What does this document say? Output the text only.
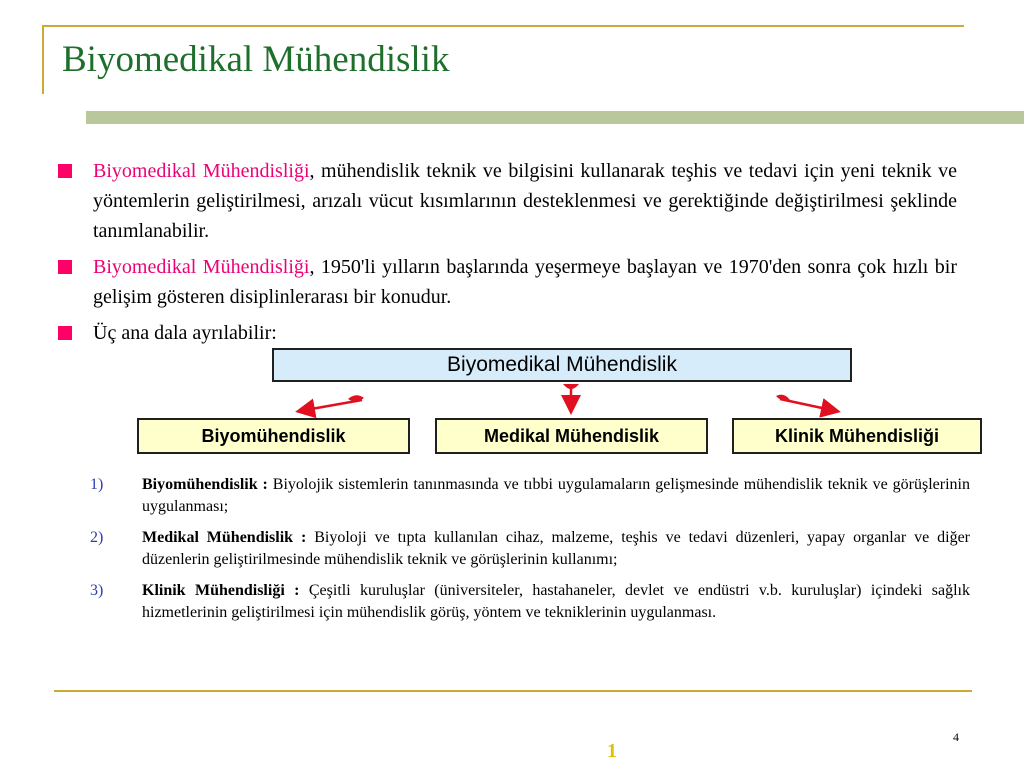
Biyomedikal Mühendislik
Biyomedikal Mühendisliği, mühendislik teknik ve bilgisini kullanarak teşhis ve tedavi için yeni teknik ve yöntemlerin geliştirilmesi, arızalı vücut kısımlarının desteklenmesi ve gerektiğinde değiştirilmesi şeklinde tanımlanabilir.
Biyomedikal Mühendisliği, 1950'li yılların başlarında yeşermeye başlayan ve 1970'den sonra çok hızlı bir gelişim gösteren disiplinlerarası bir konudur.
Üç ana dala ayrılabilir:
Biyomedikal Mühendislik
Biyomühendislik	Medikal Mühendislik	Klinik Mühendisliği
1) Biyomühendislik : Biyolojik sistemlerin tanınmasında ve tıbbi uygulamaların gelişmesinde mühendislik teknik ve görüşlerinin uygulanması;
2) Medikal Mühendislik : Biyoloji ve tıpta kullanılan cihaz, malzeme, teşhis ve tedavi düzenleri, yapay organlar ve diğer düzenlerin geliştirilmesinde mühendislik teknik ve görüşlerinin kullanımı;
3) Klinik Mühendisliği : Çeşitli kuruluşlar (üniversiteler, hastahaneler, devlet ve endüstri v.b. kuruluşlar) içindeki sağlık hizmetlerinin geliştirilmesi için mühendislik görüş, yöntem ve tekniklerinin uygulanması.
4
1
